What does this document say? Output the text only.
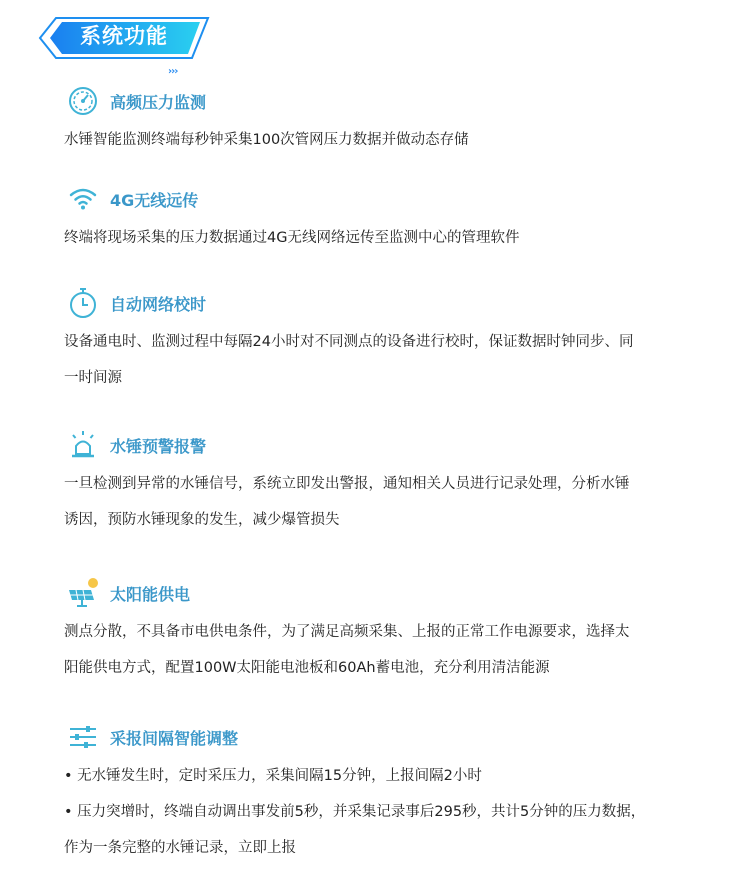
系统功能
›››
高频压力监测

水锤智能监测终端每秒钟采集100次管网压力数据并做动态存储

4G无线远传

终端将现场采集的压力数据通过4G无线网络远传至监测中心的管理软件

自动网络校时

设备通电时、监测过程中每隔24小时对不同测点的设备进行校时，保证数据时钟同步、同

一时间源

水锤预警报警

一旦检测到异常的水锤信号，系统立即发出警报，通知相关人员进行记录处理，分析水锤

诱因，预防水锤现象的发生，减少爆管损失

太阳能供电

测点分散，不具备市电供电条件，为了满足高频采集、上报的正常工作电源要求，选择太

阳能供电方式，配置100W太阳能电池板和60Ah蓄电池，充分利用清洁能源

采报间隔智能调整

• 无水锤发生时，定时采压力，采集间隔15分钟，上报间隔2小时

• 压力突增时，终端自动调出事发前5秒，并采集记录事后295秒，共计5分钟的压力数据，

作为一条完整的水锤记录，立即上报
